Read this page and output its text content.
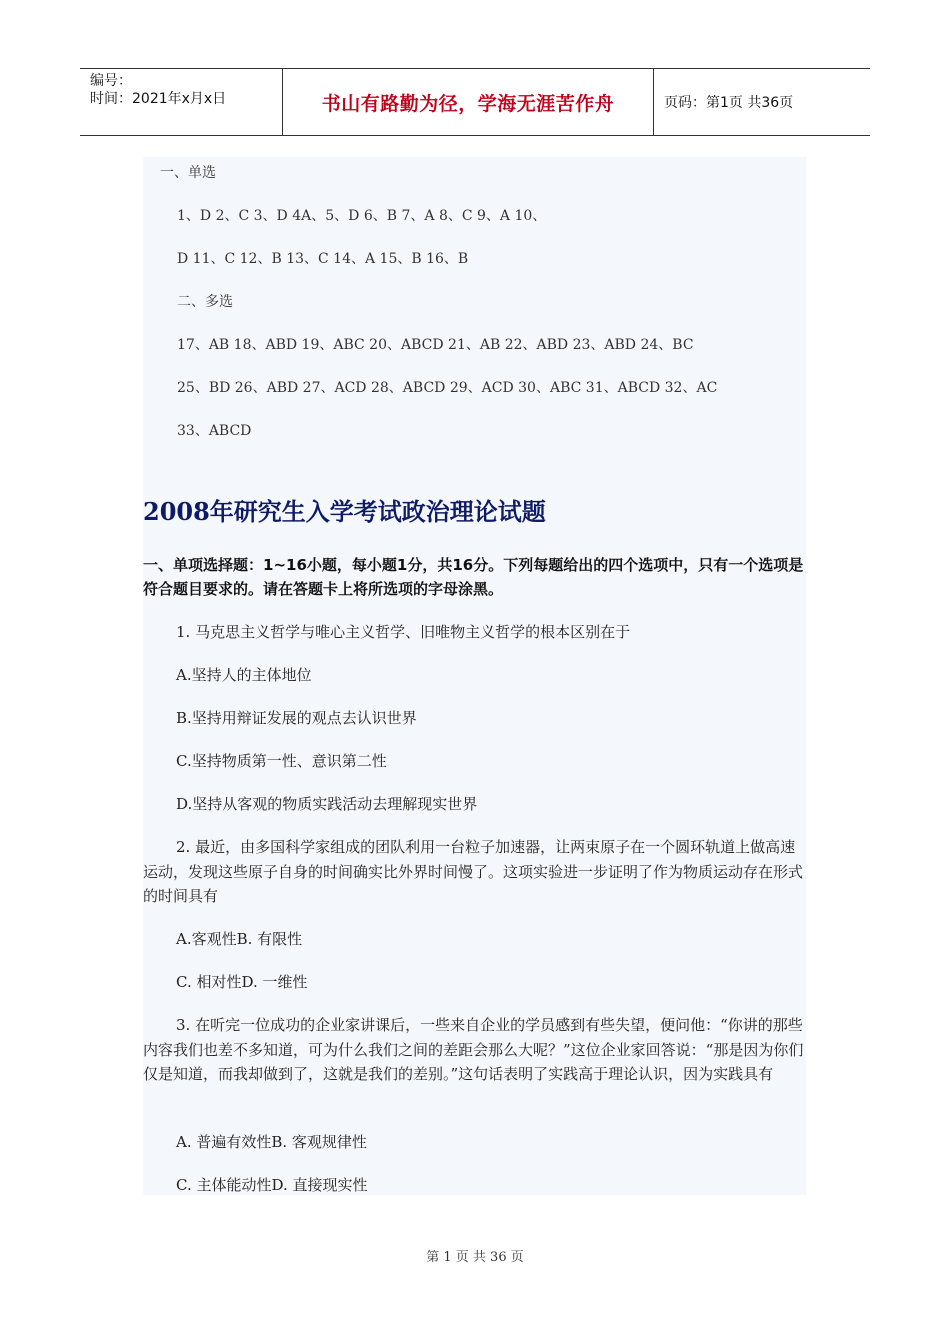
编号：
时间：2021年x月x日	书山有路勤为径，学海无涯苦作舟	页码：第1页 共36页
一、单选
1、D 2、C 3、D 4A、5、D 6、B 7、A 8、C 9、A 10、
D 11、C 12、B 13、C 14、A 15、B 16、B
二、多选
17、AB 18、ABD 19、ABC 20、ABCD 21、AB 22、ABD 23、ABD 24、BC
25、BD 26、ABD 27、ACD 28、ABCD 29、ACD 30、ABC 31、ABCD 32、AC
33、ABCD
2008年研究生入学考试政治理论试题
一、单项选择题：1~16小题，每小题1分，共16分。下列每题给出的四个选项中，只有一个选项是符合题目要求的。请在答题卡上将所选项的字母涂黑。
1. 马克思主义哲学与唯心主义哲学、旧唯物主义哲学的根本区别在于
A.坚持人的主体地位
B.坚持用辩证发展的观点去认识世界
C.坚持物质第一性、意识第二性
D.坚持从客观的物质实践活动去理解现实世界
2. 最近，由多国科学家组成的团队利用一台粒子加速器，让两束原子在一个圆环轨道上做高速运动，发现这些原子自身的时间确实比外界时间慢了。这项实验进一步证明了作为物质运动存在形式的时间具有
A.客观性B. 有限性
C. 相对性D. 一维性
3. 在听完一位成功的企业家讲课后，一些来自企业的学员感到有些失望，便问他：“你讲的那些内容我们也差不多知道，可为什么我们之间的差距会那么大呢？”这位企业家回答说：“那是因为你们仅是知道，而我却做到了，这就是我们的差别。”这句话表明了实践高于理论认识，因为实践具有
A. 普遍有效性B. 客观规律性
C. 主体能动性D. 直接现实性
第 1 页 共 36 页
